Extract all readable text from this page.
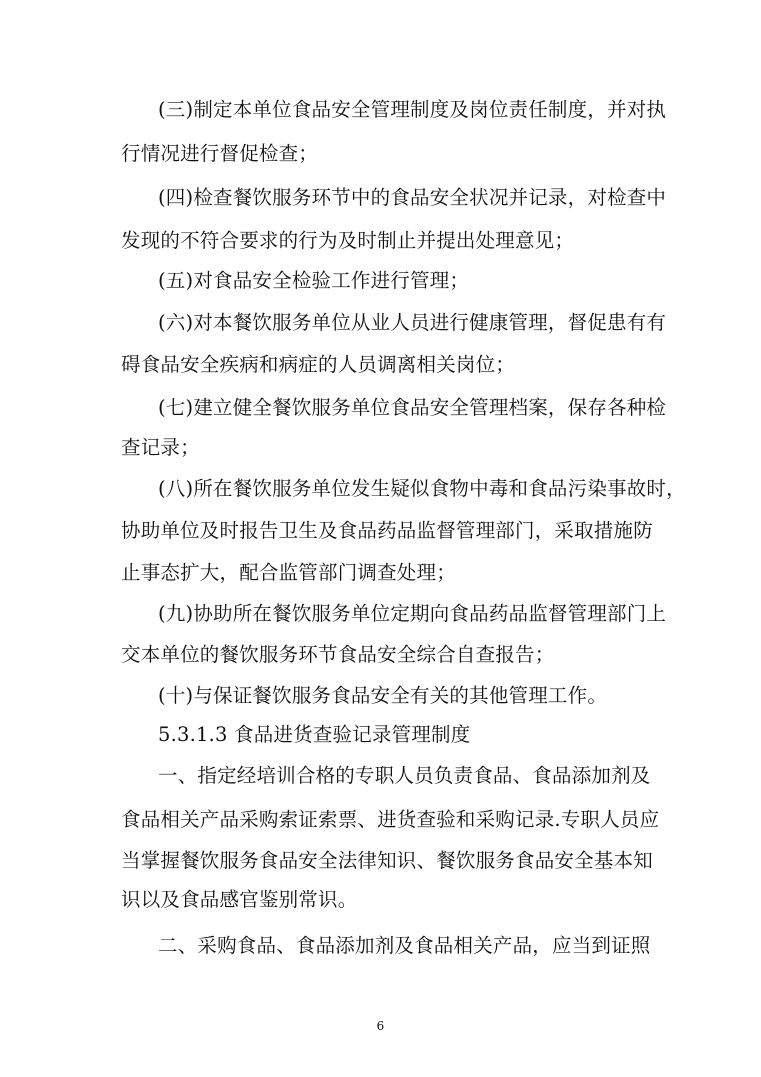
(三)制定本单位食品安全管理制度及岗位责任制度，并对执
行情况进行督促检查；
(四)检查餐饮服务环节中的食品安全状况并记录，对检查中
发现的不符合要求的行为及时制止并提出处理意见；
(五)对食品安全检验工作进行管理；
(六)对本餐饮服务单位从业人员进行健康管理，督促患有有
碍食品安全疾病和病症的人员调离相关岗位；
(七)建立健全餐饮服务单位食品安全管理档案，保存各种检
查记录；
(八)所在餐饮服务单位发生疑似食物中毒和食品污染事故时，
协助单位及时报告卫生及食品药品监督管理部门，采取措施防
止事态扩大，配合监管部门调查处理；
(九)协助所在餐饮服务单位定期向食品药品监督管理部门上
交本单位的餐饮服务环节食品安全综合自查报告；
(十)与保证餐饮服务食品安全有关的其他管理工作。
5.3.1.3 食品进货查验记录管理制度
一、指定经培训合格的专职人员负责食品、食品添加剂及
食品相关产品采购索证索票、进货查验和采购记录.专职人员应
当掌握餐饮服务食品安全法律知识、餐饮服务食品安全基本知
识以及食品感官鉴别常识。
二、采购食品、食品添加剂及食品相关产品，应当到证照
6
